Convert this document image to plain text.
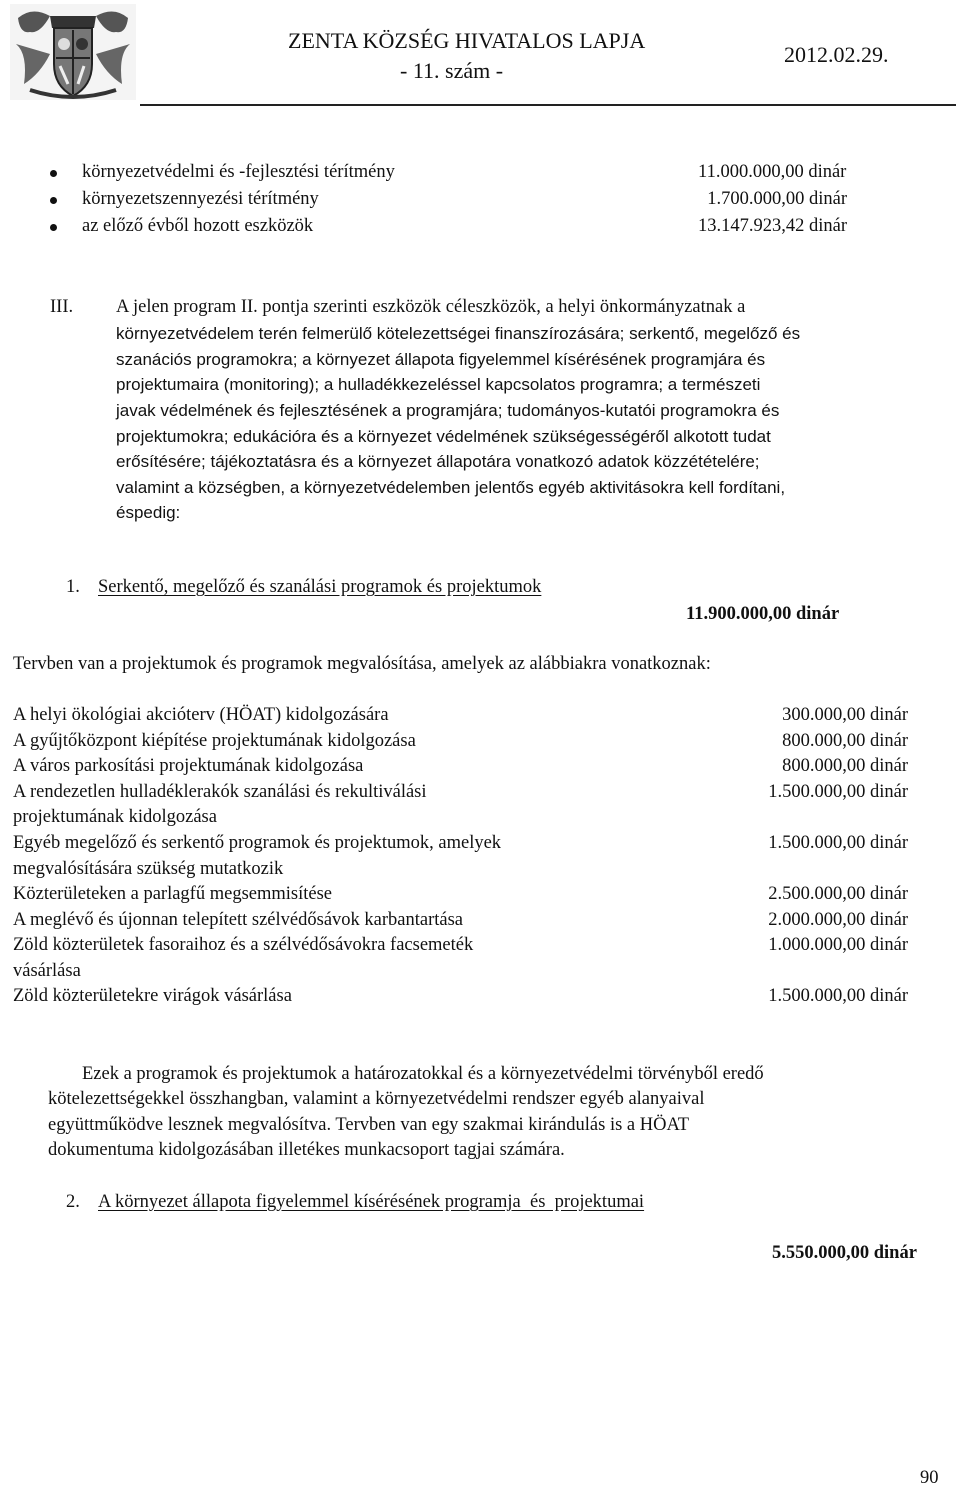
ZENTA KÖZSÉG HIVATALOS LAPJA
- 11. szám -
2012.02.29.
környezetvédelmi és -fejlesztési térítmény	11.000.000,00 dinár
környezetszennyezési térítmény	1.700.000,00 dinár
az előző évből hozott eszközök	13.147.923,42 dinár
III. A jelen program II. pontja szerinti eszközök céleszközök, a helyi önkormányzatnak a
környezetvédelem terén felmerülő kötelezettségei finanszírozására; serkentő, megelőző és
szanációs programokra; a környezet állapota figyelemmel kísérésének programjára és
projektumaira (monitoring); a hulladékkezeléssel kapcsolatos programra; a természeti
javak védelmének és fejlesztésének a programjára; tudományos-kutatói programokra és
projektumokra; edukációra és a környezet védelmének szükségességéről alkotott tudat
erősítésére; tájékoztatásra és a környezet állapotára vonatkozó adatok közzétételére;
valamint a községben, a környezetvédelemben jelentős egyéb aktivitásokra kell fordítani,
éspedig:
1. Serkentő, megelőző és szanálási programok és projektumok
11.900.000,00 dinár
Tervben van a projektumok és programok megvalósítása, amelyek az alábbiakra vonatkoznak:
A helyi ökológiai akcióterv (HÖAT) kidolgozására	300.000,00 dinár
A gyűjtőközpont kiépítése projektumának kidolgozása	800.000,00 dinár
A város parkosítási projektumának kidolgozása	800.000,00 dinár
A rendezetlen hulladéklerakók szanálási és rekultiválási	1.500.000,00 dinár
projektumának kidolgozása
Egyéb megelőző és serkentő programok és projektumok, amelyek	1.500.000,00 dinár
megvalósítására szükség mutatkozik
Közterületeken a parlagfű megsemmisítése	2.500.000,00 dinár
A meglévő és újonnan telepített szélvédősávok karbantartása	2.000.000,00 dinár
Zöld közterületek fasoraihoz és a szélvédősávokra facsemeték	1.000.000,00 dinár
vásárlása
Zöld közterületekre virágok vásárlása	1.500.000,00 dinár
Ezek a programok és projektumok a határozatokkal és a környezetvédelmi törvényből eredő
kötelezettségekkel összhangban, valamint a környezetvédelmi rendszer egyéb alanyaival
együttműködve lesznek megvalósítva. Tervben van egy szakmai kirándulás is a HÖAT
dokumentuma kidolgozásában illetékes munkacsoport tagjai számára.
2. A környezet állapota figyelemmel kísérésének programja  és  projektumai
5.550.000,00 dinár
90
